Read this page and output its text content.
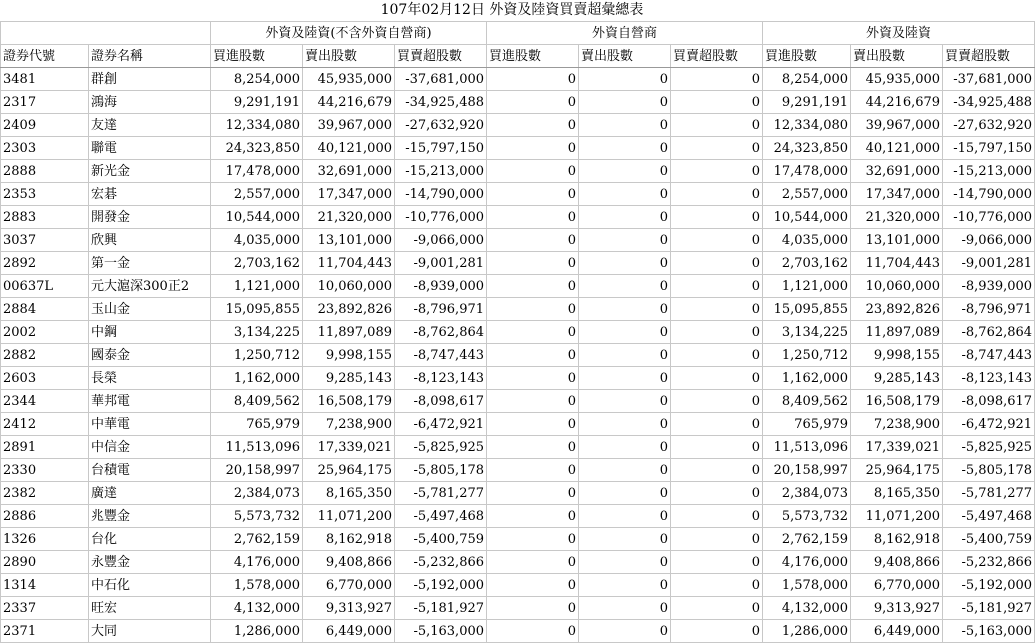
107年02月12日 外資及陸資買賣超彙總表
		外資及陸資(不含外資自營商)			外資自營商			外資及陸資		
證券代號	證券名稱	買進股數	賣出股數	買賣超股數	買進股數	賣出股數	買賣超股數	買進股數	賣出股數	買賣超股數
3481	群創	8,254,000	45,935,000	-37,681,000	0	0	0	8,254,000	45,935,000	-37,681,000
2317	鴻海	9,291,191	44,216,679	-34,925,488	0	0	0	9,291,191	44,216,679	-34,925,488
2409	友達	12,334,080	39,967,000	-27,632,920	0	0	0	12,334,080	39,967,000	-27,632,920
2303	聯電	24,323,850	40,121,000	-15,797,150	0	0	0	24,323,850	40,121,000	-15,797,150
2888	新光金	17,478,000	32,691,000	-15,213,000	0	0	0	17,478,000	32,691,000	-15,213,000
2353	宏碁	2,557,000	17,347,000	-14,790,000	0	0	0	2,557,000	17,347,000	-14,790,000
2883	開發金	10,544,000	21,320,000	-10,776,000	0	0	0	10,544,000	21,320,000	-10,776,000
3037	欣興	4,035,000	13,101,000	-9,066,000	0	0	0	4,035,000	13,101,000	-9,066,000
2892	第一金	2,703,162	11,704,443	-9,001,281	0	0	0	2,703,162	11,704,443	-9,001,281
00637L	元大滬深300正2	1,121,000	10,060,000	-8,939,000	0	0	0	1,121,000	10,060,000	-8,939,000
2884	玉山金	15,095,855	23,892,826	-8,796,971	0	0	0	15,095,855	23,892,826	-8,796,971
2002	中鋼	3,134,225	11,897,089	-8,762,864	0	0	0	3,134,225	11,897,089	-8,762,864
2882	國泰金	1,250,712	9,998,155	-8,747,443	0	0	0	1,250,712	9,998,155	-8,747,443
2603	長榮	1,162,000	9,285,143	-8,123,143	0	0	0	1,162,000	9,285,143	-8,123,143
2344	華邦電	8,409,562	16,508,179	-8,098,617	0	0	0	8,409,562	16,508,179	-8,098,617
2412	中華電	765,979	7,238,900	-6,472,921	0	0	0	765,979	7,238,900	-6,472,921
2891	中信金	11,513,096	17,339,021	-5,825,925	0	0	0	11,513,096	17,339,021	-5,825,925
2330	台積電	20,158,997	25,964,175	-5,805,178	0	0	0	20,158,997	25,964,175	-5,805,178
2382	廣達	2,384,073	8,165,350	-5,781,277	0	0	0	2,384,073	8,165,350	-5,781,277
2886	兆豐金	5,573,732	11,071,200	-5,497,468	0	0	0	5,573,732	11,071,200	-5,497,468
1326	台化	2,762,159	8,162,918	-5,400,759	0	0	0	2,762,159	8,162,918	-5,400,759
2890	永豐金	4,176,000	9,408,866	-5,232,866	0	0	0	4,176,000	9,408,866	-5,232,866
1314	中石化	1,578,000	6,770,000	-5,192,000	0	0	0	1,578,000	6,770,000	-5,192,000
2337	旺宏	4,132,000	9,313,927	-5,181,927	0	0	0	4,132,000	9,313,927	-5,181,927
2371	大同	1,286,000	6,449,000	-5,163,000	0	0	0	1,286,000	6,449,000	-5,163,000
